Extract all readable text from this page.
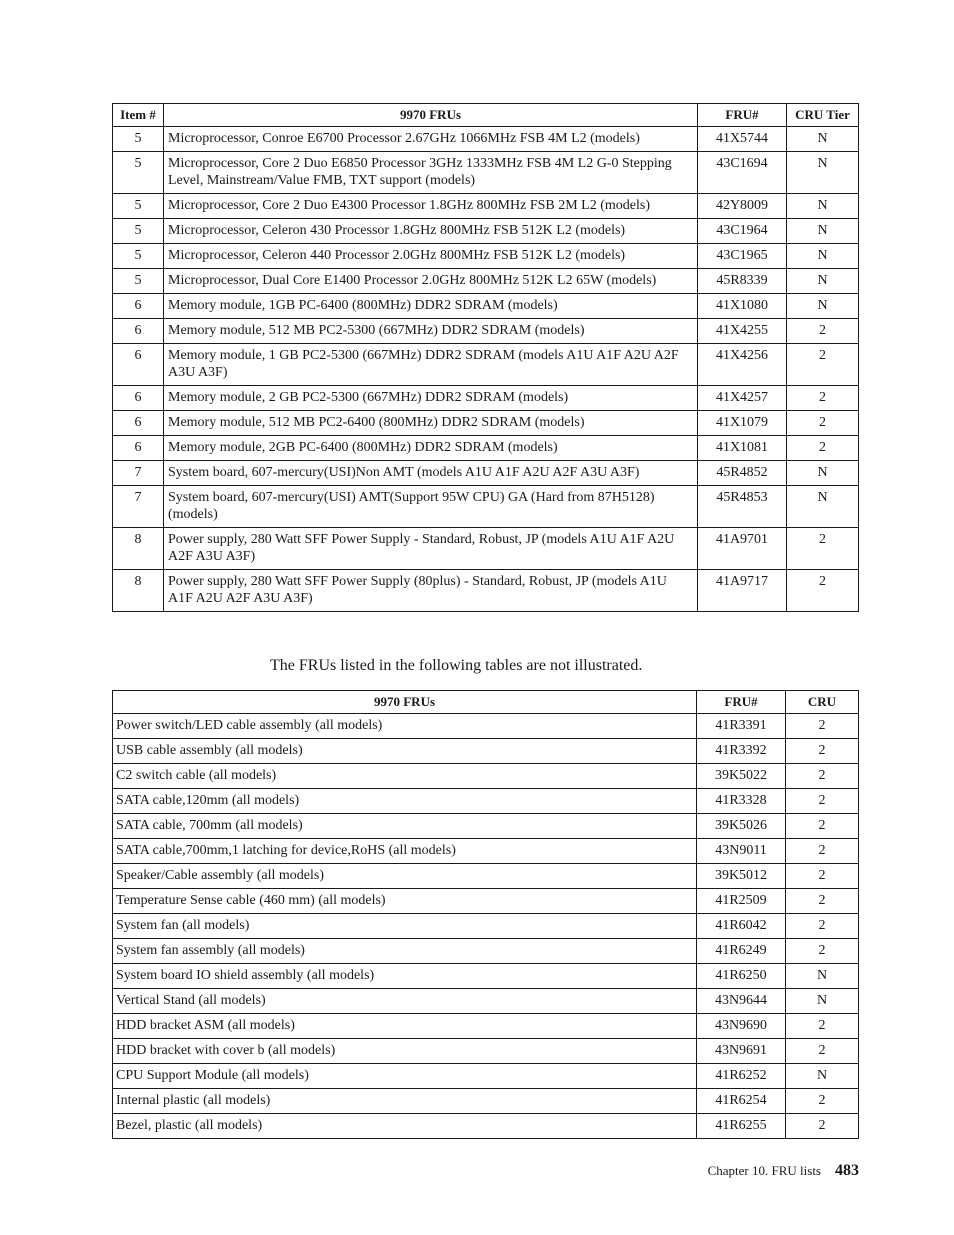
Item #	9970 FRUs	FRU#	CRU Tier
5	Microprocessor, Conroe E6700 Processor 2.67GHz 1066MHz FSB 4M L2 (models)	41X5744	N
5	Microprocessor, Core 2 Duo E6850 Processor 3GHz 1333MHz FSB 4M L2 G-0 Stepping Level, Mainstream/Value FMB, TXT support (models)	43C1694	N
5	Microprocessor, Core 2 Duo E4300 Processor 1.8GHz 800MHz FSB 2M L2 (models)	42Y8009	N
5	Microprocessor, Celeron 430 Processor 1.8GHz 800MHz FSB 512K L2 (models)	43C1964	N
5	Microprocessor, Celeron 440 Processor 2.0GHz 800MHz FSB 512K L2 (models)	43C1965	N
5	Microprocessor, Dual Core E1400 Processor 2.0GHz 800MHz 512K L2 65W (models)	45R8339	N
6	Memory module, 1GB PC-6400 (800MHz) DDR2 SDRAM (models)	41X1080	N
6	Memory module, 512 MB PC2-5300 (667MHz) DDR2 SDRAM (models)	41X4255	2
6	Memory module, 1 GB PC2-5300 (667MHz) DDR2 SDRAM (models A1U A1F A2U A2F A3U A3F)	41X4256	2
6	Memory module, 2 GB PC2-5300 (667MHz) DDR2 SDRAM (models)	41X4257	2
6	Memory module, 512 MB PC2-6400 (800MHz) DDR2 SDRAM (models)	41X1079	2
6	Memory module, 2GB PC-6400 (800MHz) DDR2 SDRAM (models)	41X1081	2
7	System board, 607-mercury(USI)Non AMT (models A1U A1F A2U A2F A3U A3F)	45R4852	N
7	System board, 607-mercury(USI) AMT(Support 95W CPU) GA (Hard from 87H5128) (models)	45R4853	N
8	Power supply, 280 Watt SFF Power Supply - Standard, Robust, JP (models A1U A1F A2U A2F A3U A3F)	41A9701	2
8	Power supply, 280 Watt SFF Power Supply (80plus) - Standard, Robust, JP (models A1U A1F A2U A2F A3U A3F)	41A9717	2

The FRUs listed in the following tables are not illustrated.

9970 FRUs	FRU#	CRU
Power switch/LED cable assembly (all models)	41R3391	2
USB cable assembly (all models)	41R3392	2
C2 switch cable (all models)	39K5022	2
SATA cable,120mm (all models)	41R3328	2
SATA cable, 700mm (all models)	39K5026	2
SATA cable,700mm,1 latching for device,RoHS (all models)	43N9011	2
Speaker/Cable assembly (all models)	39K5012	2
Temperature Sense cable (460 mm) (all models)	41R2509	2
System fan (all models)	41R6042	2
System fan assembly (all models)	41R6249	2
System board IO shield assembly (all models)	41R6250	N
Vertical Stand (all models)	43N9644	N
HDD bracket ASM (all models)	43N9690	2
HDD bracket with cover b (all models)	43N9691	2
CPU Support Module (all models)	41R6252	N
Internal plastic (all models)	41R6254	2
Bezel, plastic (all models)	41R6255	2
Chapter 10. FRU lists 483
